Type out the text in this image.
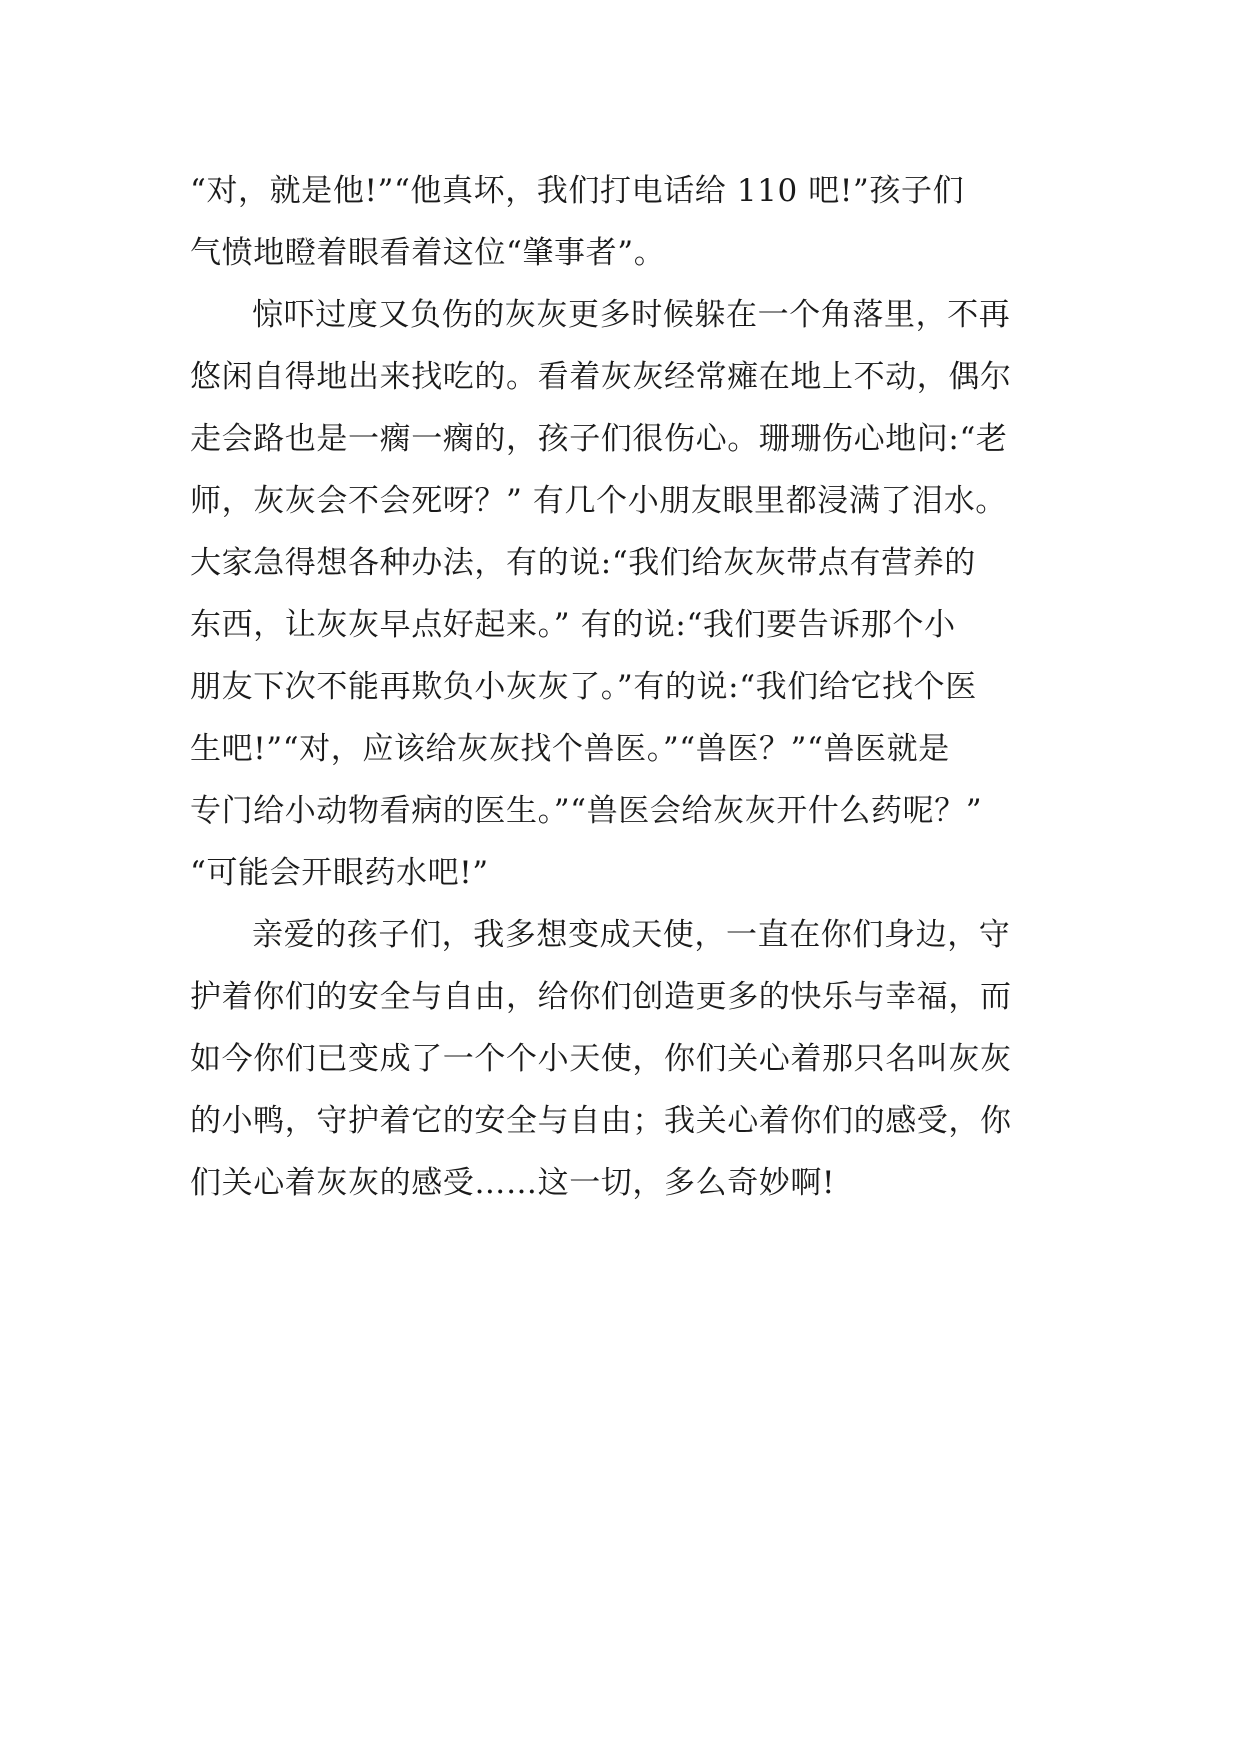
“对，就是他!”“他真坏，我们打电话给 110 吧!”孩子们
气愤地瞪着眼看着这位“肇事者”。
惊吓过度又负伤的灰灰更多时候躲在一个角落里，不再
悠闲自得地出来找吃的。看着灰灰经常瘫在地上不动，偶尔
走会路也是一瘸一瘸的，孩子们很伤心。珊珊伤心地问:“老
师，灰灰会不会死呀？” 有几个小朋友眼里都浸满了泪水。
大家急得想各种办法，有的说:“我们给灰灰带点有营养的
东西，让灰灰早点好起来。” 有的说:“我们要告诉那个小
朋友下次不能再欺负小灰灰了。”有的说:“我们给它找个医
生吧!”“对，应该给灰灰找个兽医。”“兽医？”“兽医就是
专门给小动物看病的医生。”“兽医会给灰灰开什么药呢？”
“可能会开眼药水吧!”
亲爱的孩子们，我多想变成天使，一直在你们身边，守
护着你们的安全与自由，给你们创造更多的快乐与幸福，而
如今你们已变成了一个个小天使，你们关心着那只名叫灰灰
的小鸭，守护着它的安全与自由；我关心着你们的感受，你
们关心着灰灰的感受……这一切，多么奇妙啊!
